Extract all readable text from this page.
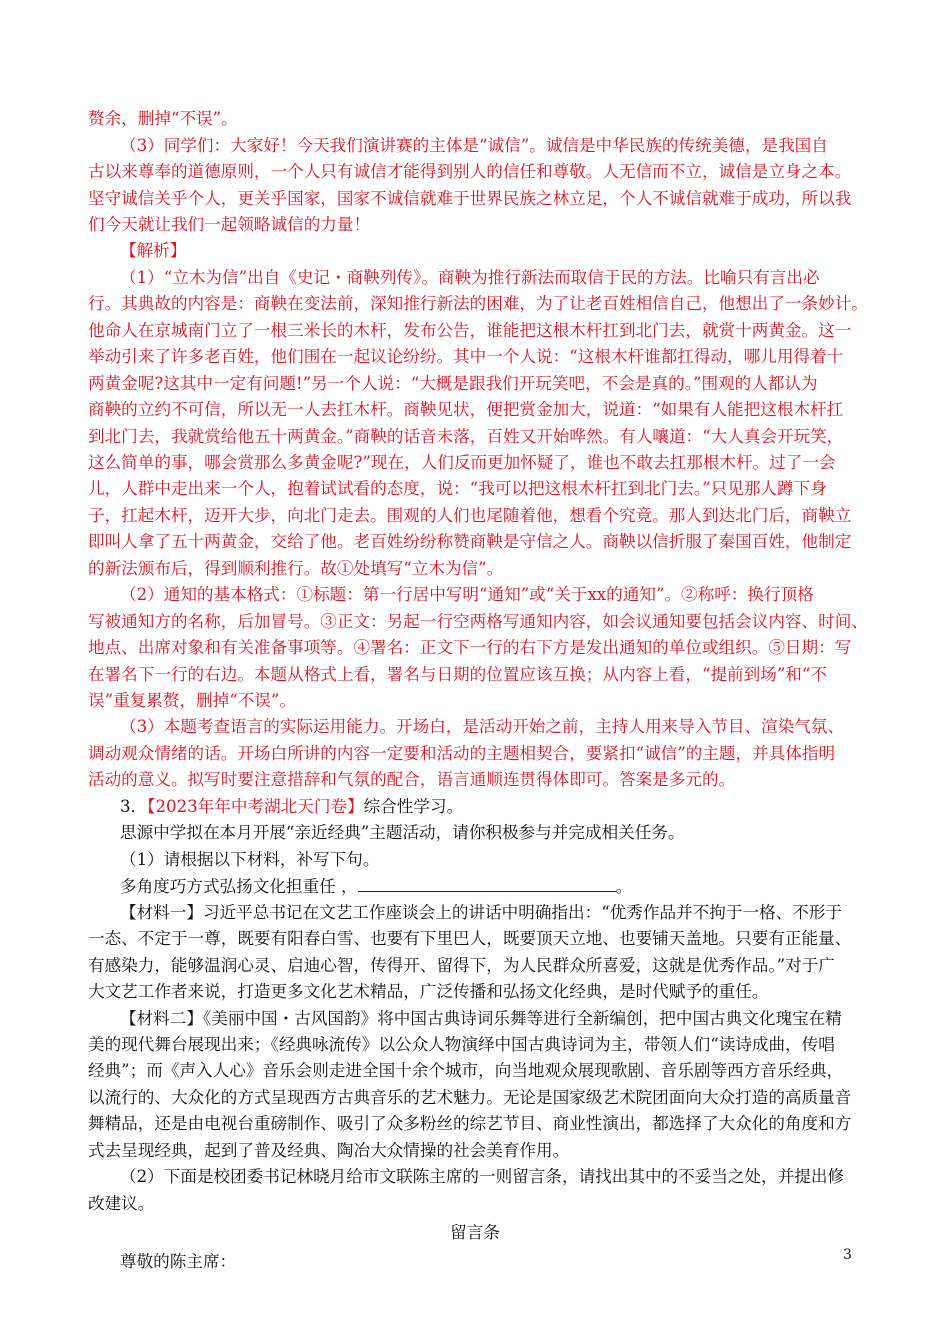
赘余，删掉“不误”。
（3）同学们：大家好！今天我们演讲赛的主体是“诚信”。诚信是中华民族的传统美德，是我国自
古以来尊奉的道德原则，一个人只有诚信才能得到别人的信任和尊敬。人无信而不立，诚信是立身之本。
坚守诚信关乎个人，更关乎国家，国家不诚信就难于世界民族之林立足，个人不诚信就难于成功，所以我
们今天就让我们一起领略诚信的力量！
【解析】
（1）“立木为信”出自《史记・商鞅列传》。商鞅为推行新法而取信于民的方法。比喻只有言出必
行。其典故的内容是：商鞅在变法前，深知推行新法的困难，为了让老百姓相信自己，他想出了一条妙计。
他命人在京城南门立了一根三米长的木杆，发布公告，谁能把这根木杆扛到北门去，就赏十两黄金。这一
举动引来了许多老百姓，他们围在一起议论纷纷。其中一个人说：“这根木杆谁都扛得动，哪儿用得着十
两黄金呢?这其中一定有问题!”另一个人说：“大概是跟我们开玩笑吧，不会是真的。”围观的人都认为
商鞅的立约不可信，所以无一人去扛木杆。商鞅见状，便把赏金加大，说道：“如果有人能把这根木杆扛
到北门去，我就赏给他五十两黄金。”商鞅的话音未落，百姓又开始哗然。有人嚷道：“大人真会开玩笑，
这么简单的事，哪会赏那么多黄金呢?”现在，人们反而更加怀疑了，谁也不敢去扛那根木杆。过了一会
儿，人群中走出来一个人，抱着试试看的态度，说：“我可以把这根木杆扛到北门去。”只见那人蹲下身
子，扛起木杆，迈开大步，向北门走去。围观的人们也尾随着他，想看个究竟。那人到达北门后，商鞅立
即叫人拿了五十两黄金，交给了他。老百姓纷纷称赞商鞅是守信之人。商鞅以信折服了秦国百姓，他制定
的新法颁布后，得到顺利推行。故①处填写“立木为信”。
（2）通知的基本格式：①标题：第一行居中写明“通知”或“关于xx的通知”。②称呼：换行顶格
写被通知方的名称，后加冒号。③正文：另起一行空两格写通知内容，如会议通知要包括会议内容、时间、
地点、出席对象和有关准备事项等。④署名：正文下一行的右下方是发出通知的单位或组织。⑤日期：写
在署名下一行的右边。本题从格式上看，署名与日期的位置应该互换；从内容上看，“提前到场”和“不
误”重复累赘，删掉“不误”。
（3）本题考查语言的实际运用能力。开场白，是活动开始之前，主持人用来导入节目、渲染气氛、
调动观众情绪的话。开场白所讲的内容一定要和活动的主题相契合，要紧扣“诚信”的主题，并具体指明
活动的意义。拟写时要注意措辞和气氛的配合，语言通顺连贯得体即可。答案是多元的。
3．【2023年年中考湖北天门卷】综合性学习。
思源中学拟在本月开展“亲近经典”主题活动，请你积极参与并完成相关任务。
（1）请根据以下材料，补写下句。
多角度巧方式弘扬文化担重任 ，	。
【材料一】习近平总书记在文艺工作座谈会上的讲话中明确指出：“优秀作品并不拘于一格、不形于
一态、不定于一尊，既要有阳春白雪、也要有下里巴人，既要顶天立地、也要铺天盖地。只要有正能量、
有感染力，能够温润心灵、启迪心智，传得开、留得下，为人民群众所喜爱，这就是优秀作品。”对于广
大文艺工作者来说，打造更多文化艺术精品，广泛传播和弘扬文化经典，是时代赋予的重任。
【材料二】《美丽中国・古风国韵》将中国古典诗词乐舞等进行全新编创，把中国古典文化瑰宝在精
美的现代舞台展现出来；《经典咏流传》以公众人物演绎中国古典诗词为主，带领人们“读诗成曲，传唱
经典”；而《声入人心》音乐会则走进全国十余个城市，向当地观众展现歌剧、音乐剧等西方音乐经典，
以流行的、大众化的方式呈现西方古典音乐的艺术魅力。无论是国家级艺术院团面向大众打造的高质量音
舞精品，还是由电视台重磅制作、吸引了众多粉丝的综艺节目、商业性演出，都选择了大众化的角度和方
式去呈现经典，起到了普及经典、陶冶大众情操的社会美育作用。
（2）下面是校团委书记林晓月给市文联陈主席的一则留言条，请找出其中的不妥当之处，并提出修
改建议。
留言条
尊敬的陈主席：	3
